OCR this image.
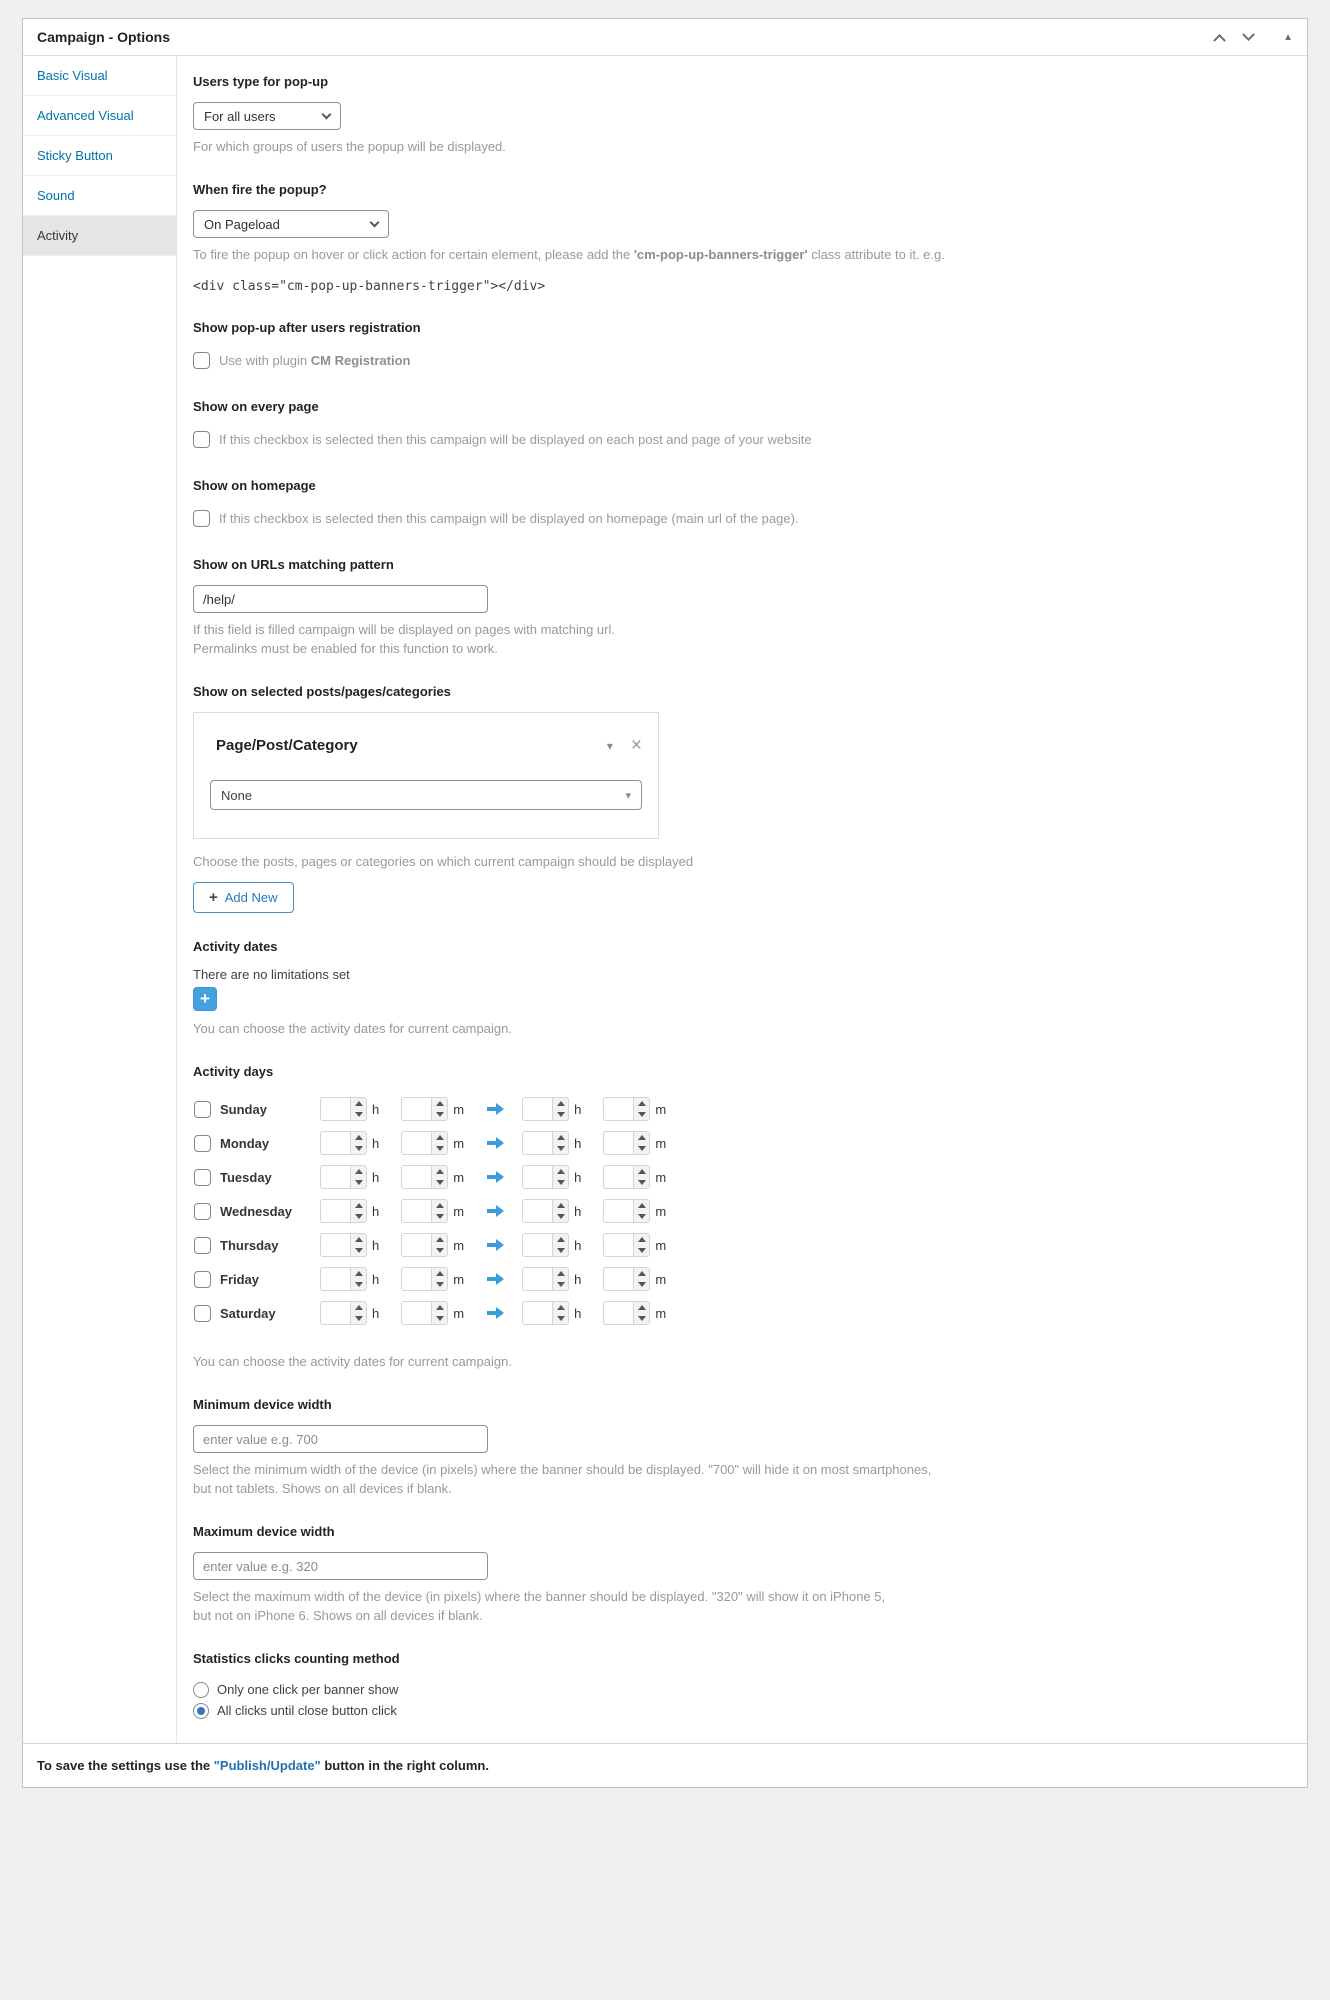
Campaign - Options	▲
Basic Visual
Advanced Visual
Sticky Button
Sound
Activity
Users type for pop-up
For all users
For which groups of users the popup will be displayed.
When fire the popup?
On Pageload
To fire the popup on hover or click action for certain element, please add the 'cm-pop-up-banners-trigger' class attribute to it. e.g.
<div class="cm-pop-up-banners-trigger"></div>
Show pop-up after users registration
Use with plugin CM Registration
Show on every page
If this checkbox is selected then this campaign will be displayed on each post and page of your website
Show on homepage
If this checkbox is selected then this campaign will be displayed on homepage (main url of the page).
Show on URLs matching pattern
/help/
If this field is filled campaign will be displayed on pages with matching url.
Permalinks must be enabled for this function to work.
Show on selected posts/pages/categories
Page/Post/Category	▾ ×
None	▾
Choose the posts, pages or categories on which current campaign should be displayed
+ Add New
Activity dates
There are no limitations set
+
You can choose the activity dates for current campaign.
Activity days
Sunday	h	m	h	m
Monday	h	m	h	m
Tuesday	h	m	h	m
Wednesday	h	m	h	m
Thursday	h	m	h	m
Friday	h	m	h	m
Saturday	h	m	h	m
You can choose the activity dates for current campaign.
Minimum device width
enter value e.g. 700
Select the minimum width of the device (in pixels) where the banner should be displayed. "700" will hide it on most smartphones,
but not tablets. Shows on all devices if blank.
Maximum device width
enter value e.g. 320
Select the maximum width of the device (in pixels) where the banner should be displayed. "320" will show it on iPhone 5,
but not on iPhone 6. Shows on all devices if blank.
Statistics clicks counting method
Only one click per banner show
All clicks until close button click
To save the settings use the "Publish/Update" button in the right column.
